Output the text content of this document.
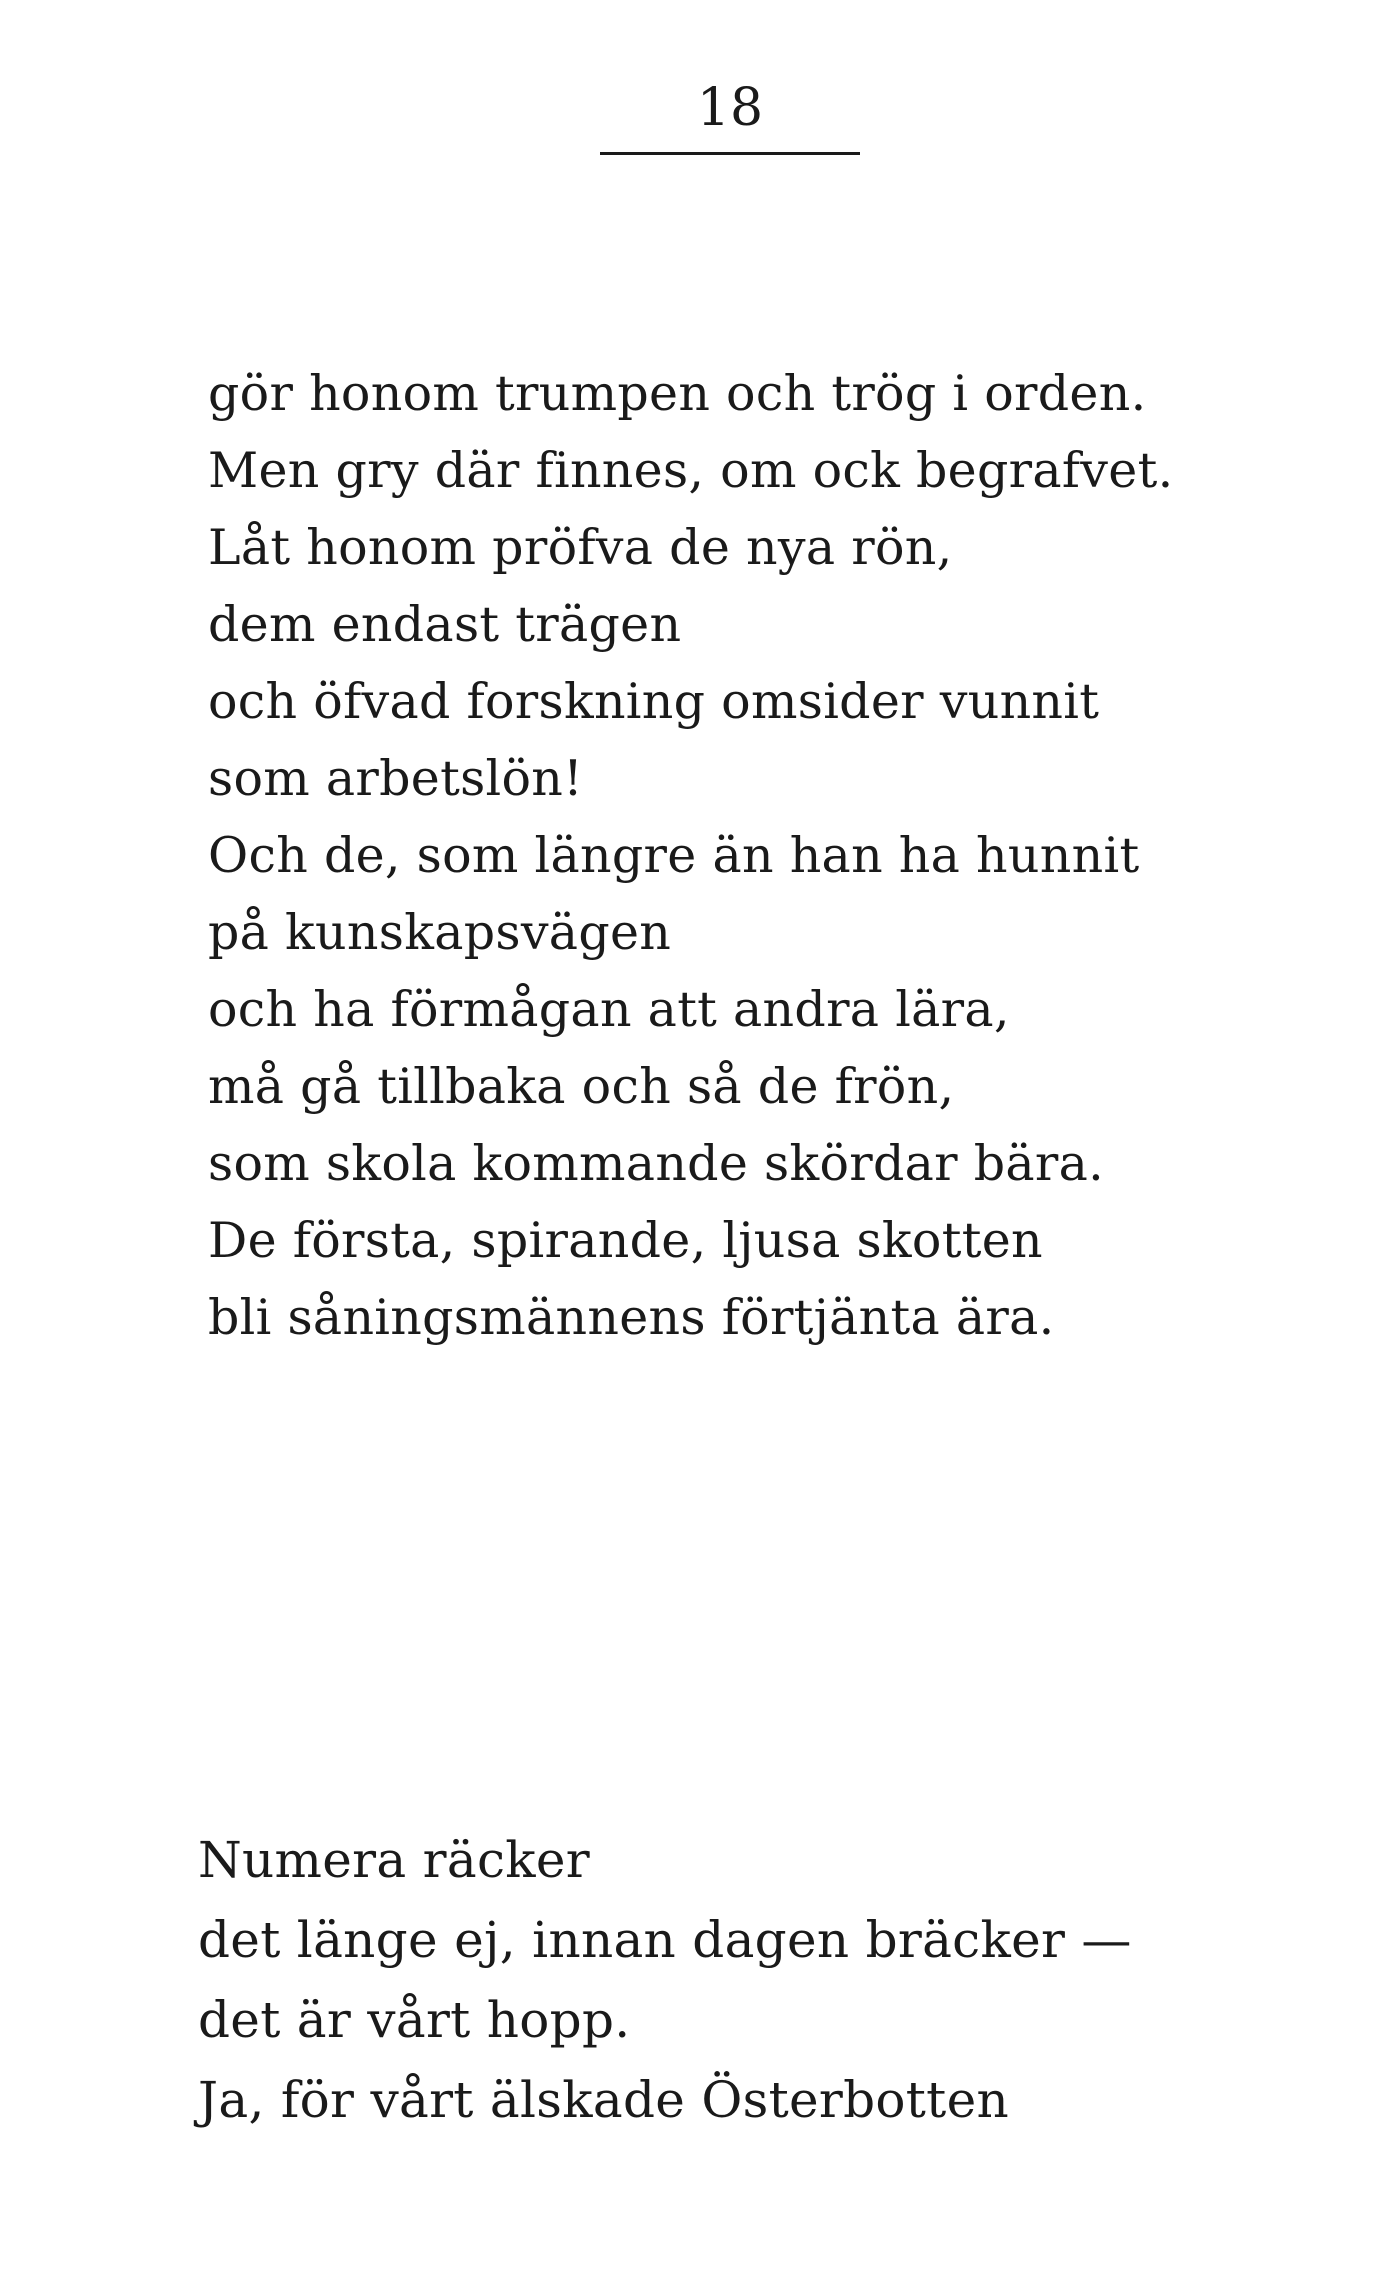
18
gör honom trumpen och trög i orden.
Men gry där finnes, om ock begrafvet.
Låt honom pröfva de nya rön,
dem endast trägen
och öfvad forskning omsider vunnit
som arbetslön!
Och de, som längre än han ha hunnit
på kunskapsvägen
och ha förmågan att andra lära,
må gå tillbaka och så de frön,
som skola kommande skördar bära.
De första, spirande, ljusa skotten
bli såningsmännens förtjänta ära.
Numera räcker
det länge ej, innan dagen bräcker —
det är vårt hopp.
Ja, för vårt älskade Österbotten
